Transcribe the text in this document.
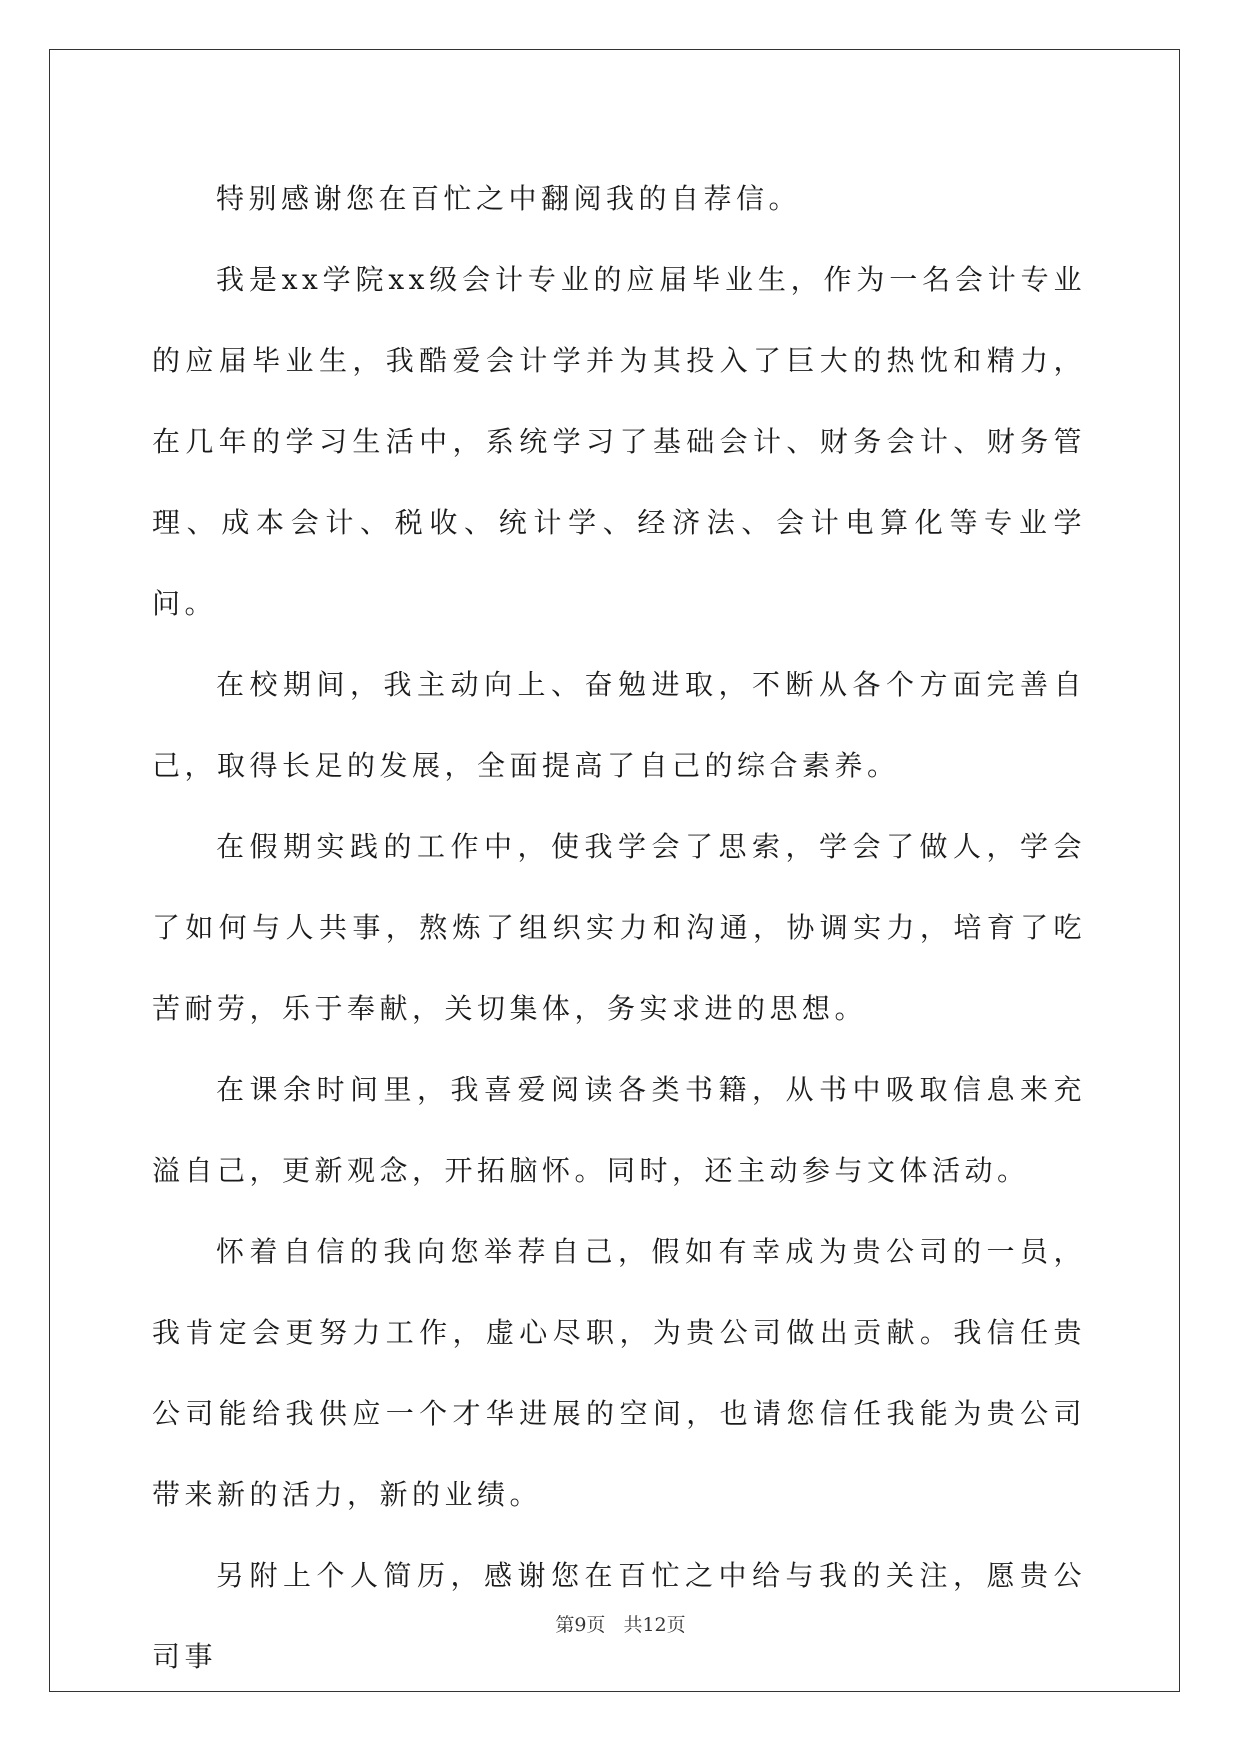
特别感谢您在百忙之中翻阅我的自荐信。

我是xx学院xx级会计专业的应届毕业生，作为一名会计专业的应届毕业生，我酷爱会计学并为其投入了巨大的热忱和精力，在几年的学习生活中，系统学习了基础会计、财务会计、财务管理、成本会计、税收、统计学、经济法、会计电算化等专业学问。

在校期间，我主动向上、奋勉进取，不断从各个方面完善自己，取得长足的发展，全面提高了自己的综合素养。

在假期实践的工作中，使我学会了思索，学会了做人，学会了如何与人共事，熬炼了组织实力和沟通，协调实力，培育了吃苦耐劳，乐于奉献，关切集体，务实求进的思想。

在课余时间里，我喜爱阅读各类书籍，从书中吸取信息来充溢自己，更新观念，开拓脑怀。同时，还主动参与文体活动。

怀着自信的我向您举荐自己，假如有幸成为贵公司的一员，我肯定会更努力工作，虚心尽职，为贵公司做出贡献。我信任贵公司能给我供应一个才华进展的空间，也请您信任我能为贵公司带来新的活力，新的业绩。

另附上个人简历，感谢您在百忙之中给与我的关注，愿贵公司事

第9页 共12页
